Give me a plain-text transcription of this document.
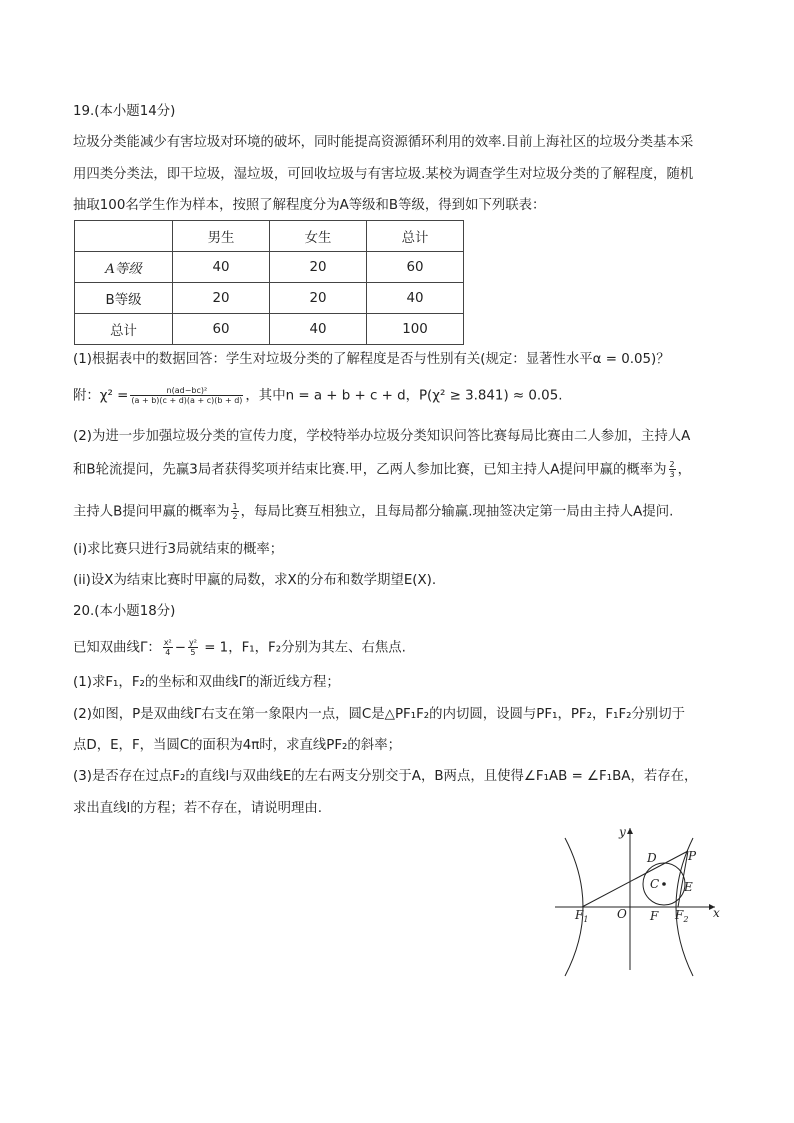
19.(本小题14分)
垃圾分类能减少有害垃圾对环境的破坏，同时能提高资源循环利用的效率.目前上海社区的垃圾分类基本采
用四类分类法，即干垃圾，湿垃圾，可回收垃圾与有害垃圾.某校为调查学生对垃圾分类的了解程度，随机
抽取100名学生作为样本，按照了解程度分为A等级和B等级，得到如下列联表：
	男生	女生	总计
A等级	40	20	60
B等级	20	20	40
总计	60	40	100
(1)根据表中的数据回答：学生对垃圾分类的了解程度是否与性别有关(规定：显著性水平α = 0.05)？
附：$\chi^2 = \frac{\text{n(ad−bc)²}}{(a + b)(c + d)(a + c)(b + d)}$ ，其中n = a + b + c + d，P(χ² ≥ 3.841) ≈ 0.05.
(2)为进一步加强垃圾分类的宣传力度，学校特举办垃圾分类知识问答比赛每局比赛由二人参加，主持人A
和B轮流提问，先赢3局者获得奖项并结束比赛.甲，乙两人参加比赛，已知主持人A提问甲赢的概率为 $\frac{2}{3}$ ，
主持人B提问甲赢的概率为 $\frac{1}{2}$ ，每局比赛互相独立，且每局都分输赢.现抽签决定第一局由主持人A提问.
(i)求比赛只进行3局就结束的概率；
(ii)设X为结束比赛时甲赢的局数，求X的分布和数学期望E(X).
20.(本小题18分)
已知双曲线Γ： $\frac{\text{x²}}{4} - \frac{\text{y²}}{5} = 1$，F₁，F₂分别为其左、右焦点.
(1)求F₁，F₂的坐标和双曲线Γ的渐近线方程；
(2)如图，P是双曲线Γ右支在第一象限内一点，圆C是△PF₁F₂的内切圆，设圆与PF₁，PF₂，F₁F₂分别切于
点D，E，F，当圆C的面积为4π时，求直线PF₂的斜率；
(3)是否存在过点F₂的直线l与双曲线E的左右两支分别交于A，B两点，且使得∠F₁AB = ∠F₁BA，若存在，
求出直线l的方程；若不存在，请说明理由.
y
x
O
P
D
E
C
F
$F_1$	$F_2$
